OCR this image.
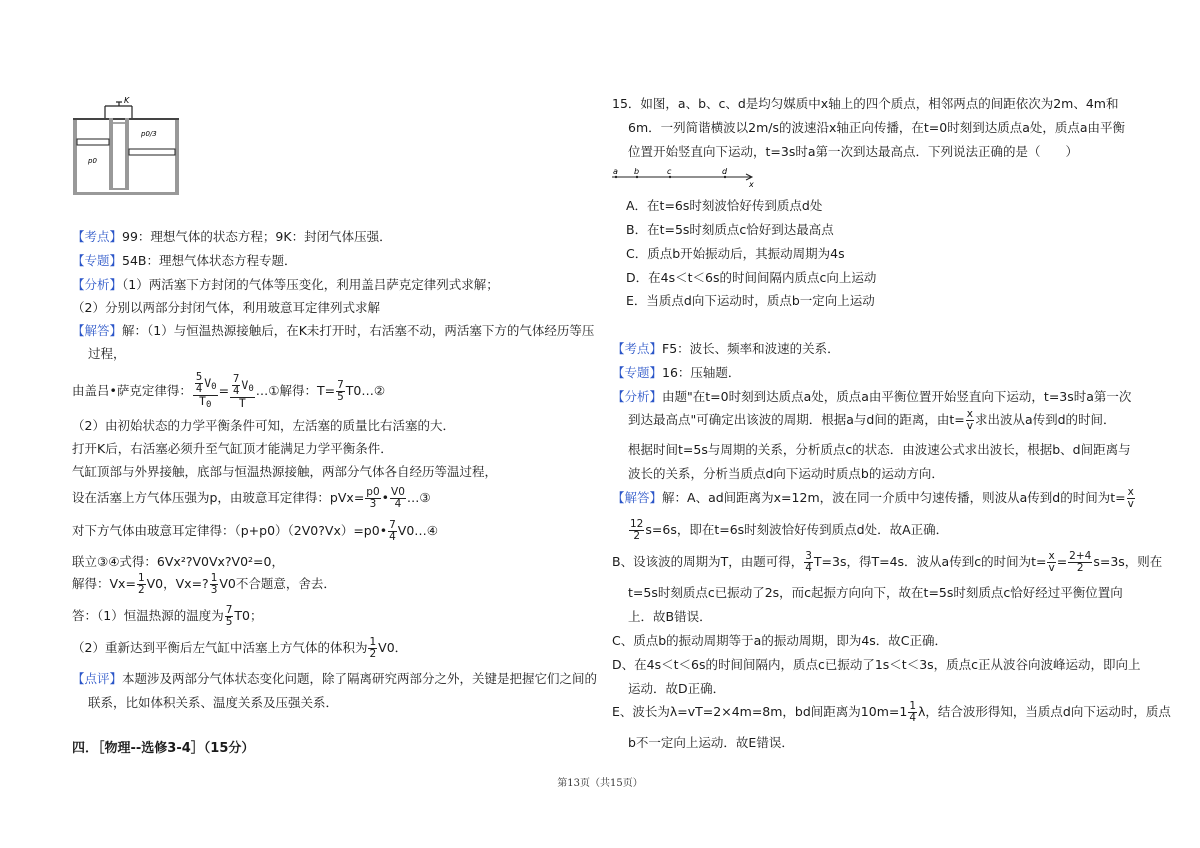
K
p0
p0/3
【考点】99：理想气体的状态方程；9K：封闭气体压强．
【专题】54B：理想气体状态方程专题．
【分析】（1）两活塞下方封闭的气体等压变化，利用盖吕萨克定律列式求解；
（2）分别以两部分封闭气体，利用玻意耳定律列式求解
【解答】解：（1）与恒温热源接触后，在K未打开时，右活塞不动，两活塞下方的气体经历等压
过程，
由盖吕•萨克定律得： $\frac{\frac{5}{4} V0}{T0} = \frac{\frac{7}{4} V0}{T}$ …①解得：$T= \frac{7}{5}$ T0…②
（2）由初始状态的力学平衡条件可知，左活塞的质量比右活塞的大．
打开K后，右活塞必须升至气缸顶才能满足力学平衡条件．
气缸顶部与外界接触，底部与恒温热源接触，两部分气体各自经历等温过程，
设在活塞上方气体压强为p，由玻意耳定律得：$pVx= \frac{p0}{3}$ • $\frac{V0}{4}$ …③
对下方气体由玻意耳定律得：（p+p0）（2V0?Vx）=p0• $\frac{7}{4}$ V0…④
联立③④式得：6Vx²?V0Vx?V0²=0，
解得：$Vx= \frac{1}{2} V0$，Vx=? $\frac{1}{3} V0$不合题意，舍去．
答：（1）恒温热源的温度为 $\frac{7}{5} T0$；
（2）重新达到平衡后左气缸中活塞上方气体的体积为 $\frac{1}{2} V0$．
【点评】本题涉及两部分气体状态变化问题，除了隔离研究两部分之外，关键是把握它们之间的
联系，比如体积关系、温度关系及压强关系．
四．［物理--选修3-4］（15分）
15．如图，a、b、c、d是均匀媒质中x轴上的四个质点，相邻两点的间距依次为2m、4m和
6m．一列简谐横波以2m/s的波速沿x轴正向传播，在t=0时刻到达质点a处，质点a由平衡
位置开始竖直向下运动，t=3s时a第一次到达最高点．下列说法正确的是（　　）
a b	c	d
x
A．在t=6s时刻波恰好传到质点d处
B．在t=5s时刻质点c恰好到达最高点
C．质点b开始振动后，其振动周期为4s
D．在4s＜t＜6s的时间间隔内质点c向上运动
E．当质点d向下运动时，质点b一定向上运动
【考点】F5：波长、频率和波速的关系．
【专题】16：压轴题．
【分析】由题"在t=0时刻到达质点a处，质点a由平衡位置开始竖直向下运动，t=3s时a第一次
到达最高点"可确定出该波的周期．根据a与d间的距离，由$t= \frac{x}{v}$ 求出波从a传到d的时间．
根据时间t=5s与周期的关系，分析质点c的状态．由波速公式求出波长，根据b、d间距离与
波长的关系，分析当质点d向下运动时质点b的运动方向．
【解答】解：A、ad间距离为x=12m，波在同一介质中匀速传播，则波从a传到d的时间为$t= \frac{x}{v}$
$\frac{12}{2} s=6s$，即在t=6s时刻波恰好传到质点d处．故A正确．
B、设该波的周期为T，由题可得， $\frac{3}{4} T=3s$，得T=4s．波从a传到c的时间为$t= \frac{x}{v} = \frac{2+4}{2} s=3s$，则在
t=5s时刻质点c已振动了2s，而c起振方向向下，故在t=5s时刻质点c恰好经过平衡位置向
上．故B错误．
C、质点b的振动周期等于a的振动周期，即为4s．故C正确．
D、在4s＜t＜6s的时间间隔内，质点c已振动了1s＜t＜3s，质点c正从波谷向波峰运动，即向上
运动．故D正确．
E、波长为λ=vT=2×4m=8m，bd间距离为$10m=1 \frac{1}{4}$ λ，结合波形得知，当质点d向下运动时，质点
b不一定向上运动．故E错误．
第13页（共15页）
